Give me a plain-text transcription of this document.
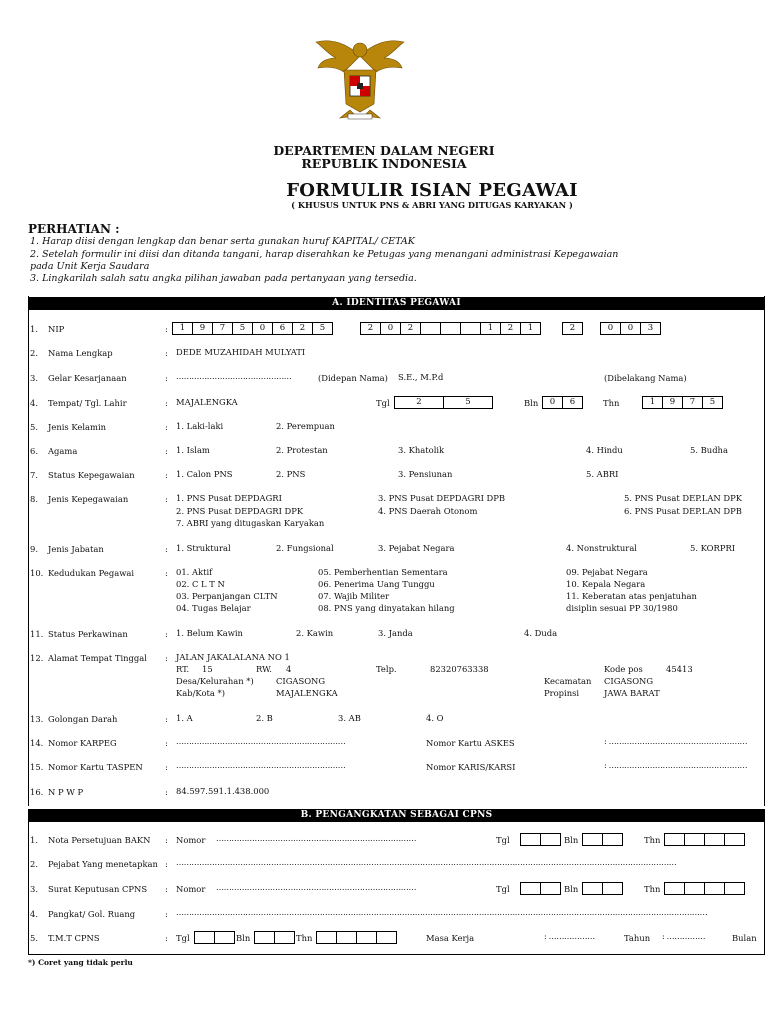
DEPARTEMEN DALAM NEGERI
REPUBLIK INDONESIA
FORMULIR ISIAN PEGAWAI
( KHUSUS UNTUK PNS & ABRI YANG DITUGAS KARYAKAN )
PERHATIAN :
1. Harap diisi dengan lengkap dan benar serta gunakan huruf KAPITAL/ CETAK
2. Setelah formulir ini diisi dan ditanda tangani, harap diserahkan ke Petugas yang menangani administrasi Kepegawaian
pada Unit Kerja Saudara
3. Lingkarilah salah satu angka pilihan jawaban pada pertanyaan yang tersedia.
A. IDENTITAS PEGAWAI
1. NIP	:	1	9	7	5	0	6	2	5	2	0	2	1	2	1	2	0	0	3
2. Nama Lengkap	: DEDE MUZAHIDAH MULYATI
3. Gelar Kesarjanaan	: ………………………………………	(Didepan Nama) S.E., M.P.d	(Dibelakang Nama)
4. Tempat/ Tgl. Lahir	: MAJALENGKA	Tgl	2	5	Bln	0	6	Thn	1	9	7	5
5. Jenis Kelamin	: 1. Laki-laki	2. Perempuan
6. Agama	: 1. Islam	2. Protestan	3. Khatolik	4. Hindu	5. Budha
7. Status Kepegawaian	: 1. Calon PNS	2. PNS	3. Pensiunan	5. ABRI
8. Jenis Kepegawaian	: 1. PNS Pusat DEPDAGRI	3. PNS Pusat DEPDAGRI DPB	5. PNS Pusat DEP.LAN DPK
2. PNS Pusat DEPDAGRI DPK	4. PNS Daerah Otonom	6. PNS Pusat DEP.LAN DPB
7. ABRI yang ditugaskan Karyakan
9. Jenis Jabatan	: 1. Struktural	2. Fungsional	3. Pejabat Negara	4. Nonstruktural	5. KORPRI
10. Kedudukan Pegawai	: 01. Aktif	05. Pemberhentian Sementara	09. Pejabat Negara
02. C L T N	06. Penerima Uang Tunggu	10. Kepala Negara
03. Perpanjangan CLTN	07. Wajib Militer	11. Keberatan atas penjatuhan
04. Tugas Belajar	08. PNS yang dinyatakan hilang	disiplin sesuai PP 30/1980
11. Status Perkawinan	: 1. Belum Kawin	2. Kawin	3. Janda	4. Duda
12. Alamat Tempat Tinggal : JALAN JAKALALANA NO 1
RT. 15	RW. 4	Telp.	82320763338	Kode pos	45413
Desa/Kelurahan *)	CIGASONG	Kecamatan CIGASONG
Kab/Kota *)	MAJALENGKA	Propinsi	JAWA BARAT
13. Golongan Darah	: 1. A	2. B	3. AB	4. O
14. Nomor KARPEG	: …………………………………………………………	Nomor Kartu ASKES	: ………………………………………………
15. Nomor Kartu TASPEN	: …………………………………………………………	Nomor KARIS/KARSI	: ………………………………………………
16. N P W P	: 84.597.591.1.438.000
B. PENGANGKATAN SEBAGAI CPNS
1. Nota Persetujuan BAKN : Nomor ……………………………………………………………………	Tgl	Bln	Thn
2. Pejabat Yang menetapkan : ……………………………………………………………………………………………………………………………………………………………………………
3. Surat Keputusan CPNS : Nomor ……………………………………………………………………	Tgl	Bln	Thn
4. Pangkat/ Gol. Ruang	: ………………………………………………………………………………………………………………………………………………………………………………………
5. T.M.T CPNS	: Tgl	Bln	Thn	Masa Kerja	: ………………	Tahun : ……………	Bulan
*) Coret yang tidak perlu
